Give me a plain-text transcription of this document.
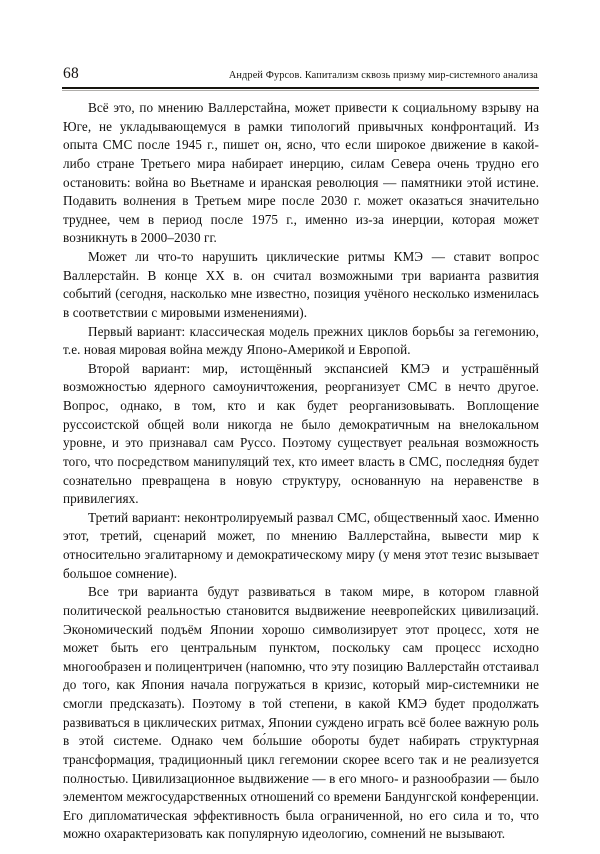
68	Андрей Фурсов. Капитализм сквозь призму мир-системного анализа

Всё это, по мнению Валлерстайна, может привести к социальному взрыву на Юге, не укладывающемуся в рамки типологий привычных конфронтаций. Из опыта СМС после 1945 г., пишет он, ясно, что если широкое движение в какой-либо стране Третьего мира набирает инерцию, силам Севера очень трудно его остановить: война во Вьетнаме и иранская революция — памятники этой истине. Подавить волнения в Третьем мире после 2030 г. может оказаться значительно труднее, чем в период после 1975 г., именно из-за инерции, которая может возникнуть в 2000–2030 гг.

Может ли что-то нарушить циклические ритмы КМЭ — ставит вопрос Валлерстайн. В конце XX в. он считал возможными три варианта развития событий (сегодня, насколько мне известно, позиция учёного несколько изменилась в соответствии с мировыми изменениями).

Первый вариант: классическая модель прежних циклов борьбы за гегемонию, т.е. новая мировая война между Японо-Америкой и Европой.

Второй вариант: мир, истощённый экспансией КМЭ и устрашённый возможностью ядерного самоуничтожения, реорганизует СМС в нечто другое. Вопрос, однако, в том, кто и как будет реорганизовывать. Воплощение руссоистской общей воли никогда не было демократичным на внелокальном уровне, и это признавал сам Руссо. Поэтому существует реальная возможность того, что посредством манипуляций тех, кто имеет власть в СМС, последняя будет сознательно превращена в новую структуру, основанную на неравенстве в привилегиях.

Третий вариант: неконтролируемый развал СМС, общественный хаос. Именно этот, третий, сценарий может, по мнению Валлерстайна, вывести мир к относительно эгалитарному и демократическому миру (у меня этот тезис вызывает большое сомнение).

Все три варианта будут развиваться в таком мире, в котором главной политической реальностью становится выдвижение неевропейских цивилизаций. Экономический подъём Японии хорошо символизирует этот процесс, хотя не может быть его центральным пунктом, поскольку сам процесс исходно многообразен и полицентричен (напомню, что эту позицию Валлерстайн отстаивал до того, как Япония начала погружаться в кризис, который мир-системники не смогли предсказать). Поэтому в той степени, в какой КМЭ будет продолжать развиваться в циклических ритмах, Японии суждено играть всё более важную роль в этой системе. Однако чем бо́льшие обороты будет набирать структурная трансформация, традиционный цикл гегемонии скорее всего так и не реализуется полностью. Цивилизационное выдвижение — в его много- и разнообразии — было элементом межгосударственных отношений со времени Бандунгской конференции. Его дипломатическая эффективность была ограниченной, но его сила и то, что можно охарактеризовать как популярную идеологию, сомнений не вызывают.
